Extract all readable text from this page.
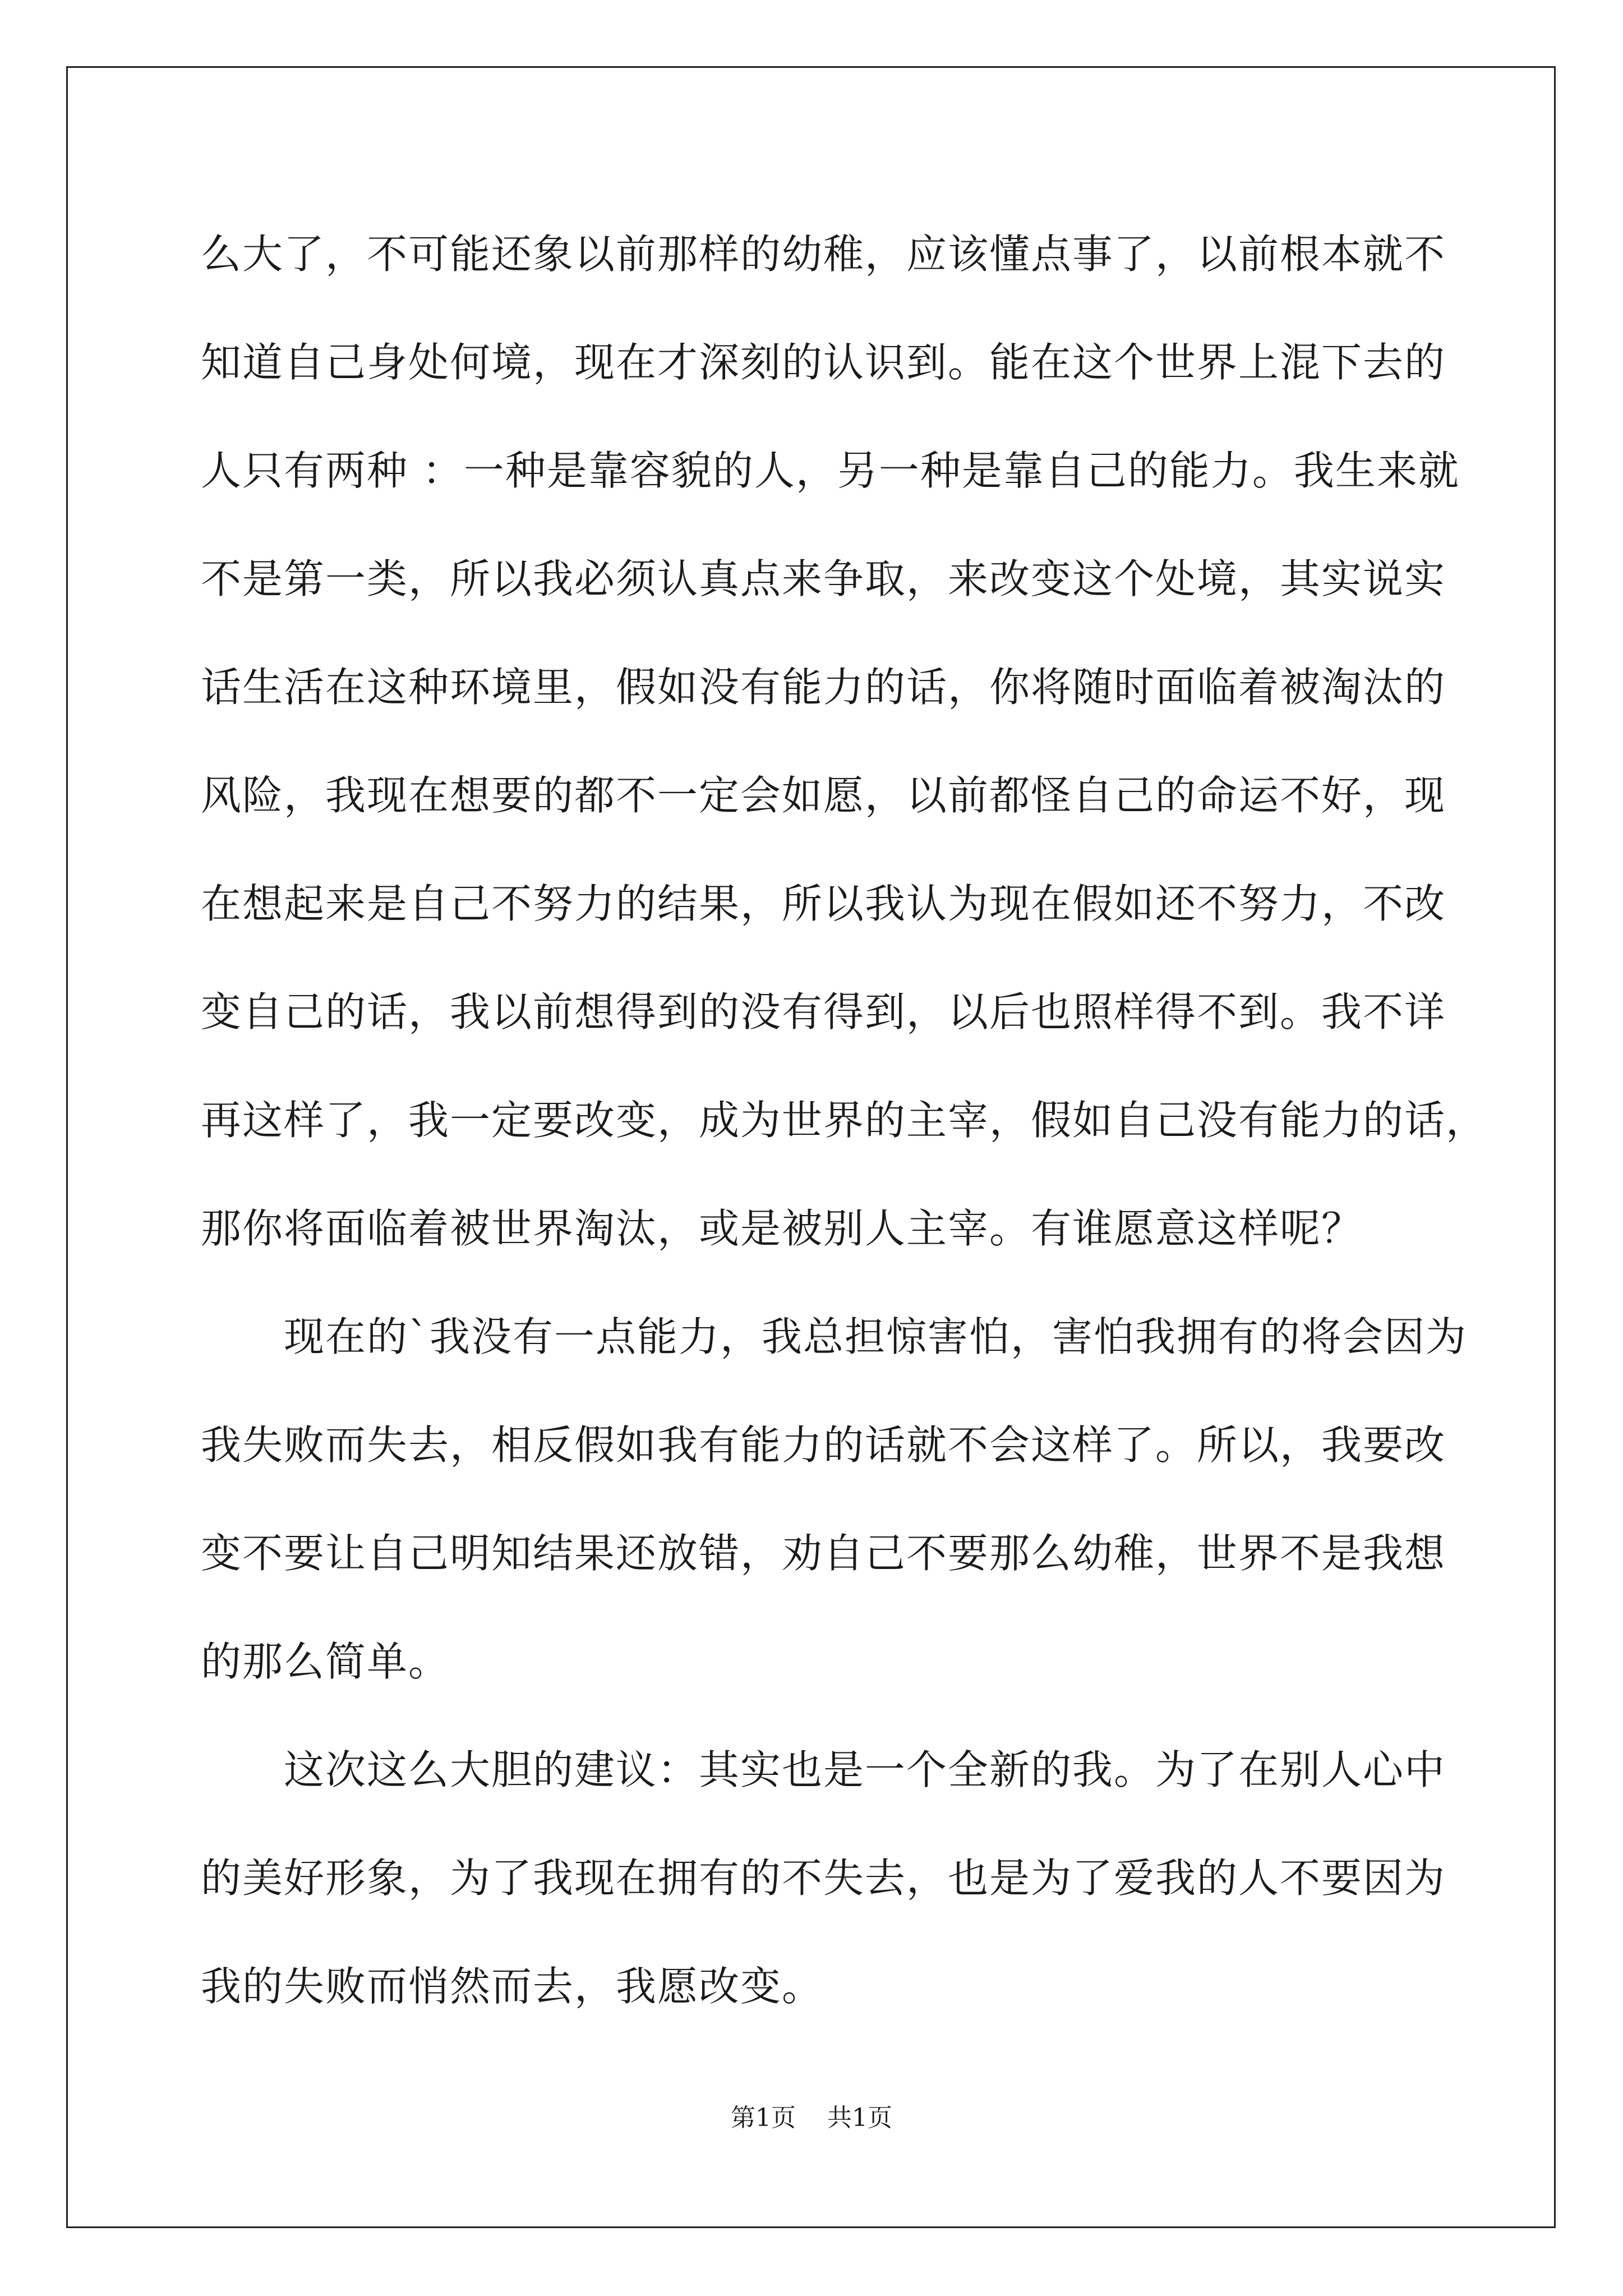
么大了，不可能还象以前那样的幼稚，应该懂点事了，以前根本就不
知道自己身处何境，现在才深刻的认识到。能在这个世界上混下去的
人只有两种 ：一种是靠容貌的人，另一种是靠自己的能力。我生来就
不是第一类，所以我必须认真点来争取，来改变这个处境，其实说实
话生活在这种环境里，假如没有能力的话，你将随时面临着被淘汰的
风险，我现在想要的都不一定会如愿，以前都怪自己的命运不好，现
在想起来是自己不努力的结果，所以我认为现在假如还不努力，不改
变自己的话，我以前想得到的没有得到，以后也照样得不到。我不详
再这样了，我一定要改变，成为世界的主宰，假如自己没有能力的话，
那你将面临着被世界淘汰，或是被别人主宰。有谁愿意这样呢？
现在的`我没有一点能力，我总担惊害怕，害怕我拥有的将会因为
我失败而失去，相反假如我有能力的话就不会这样了。所以，我要改
变不要让自己明知结果还放错，劝自己不要那么幼稚，世界不是我想
的那么简单。
这次这么大胆的建议：其实也是一个全新的我。为了在别人心中
的美好形象，为了我现在拥有的不失去，也是为了爱我的人不要因为
我的失败而悄然而去，我愿改变。
第1页 共1页
